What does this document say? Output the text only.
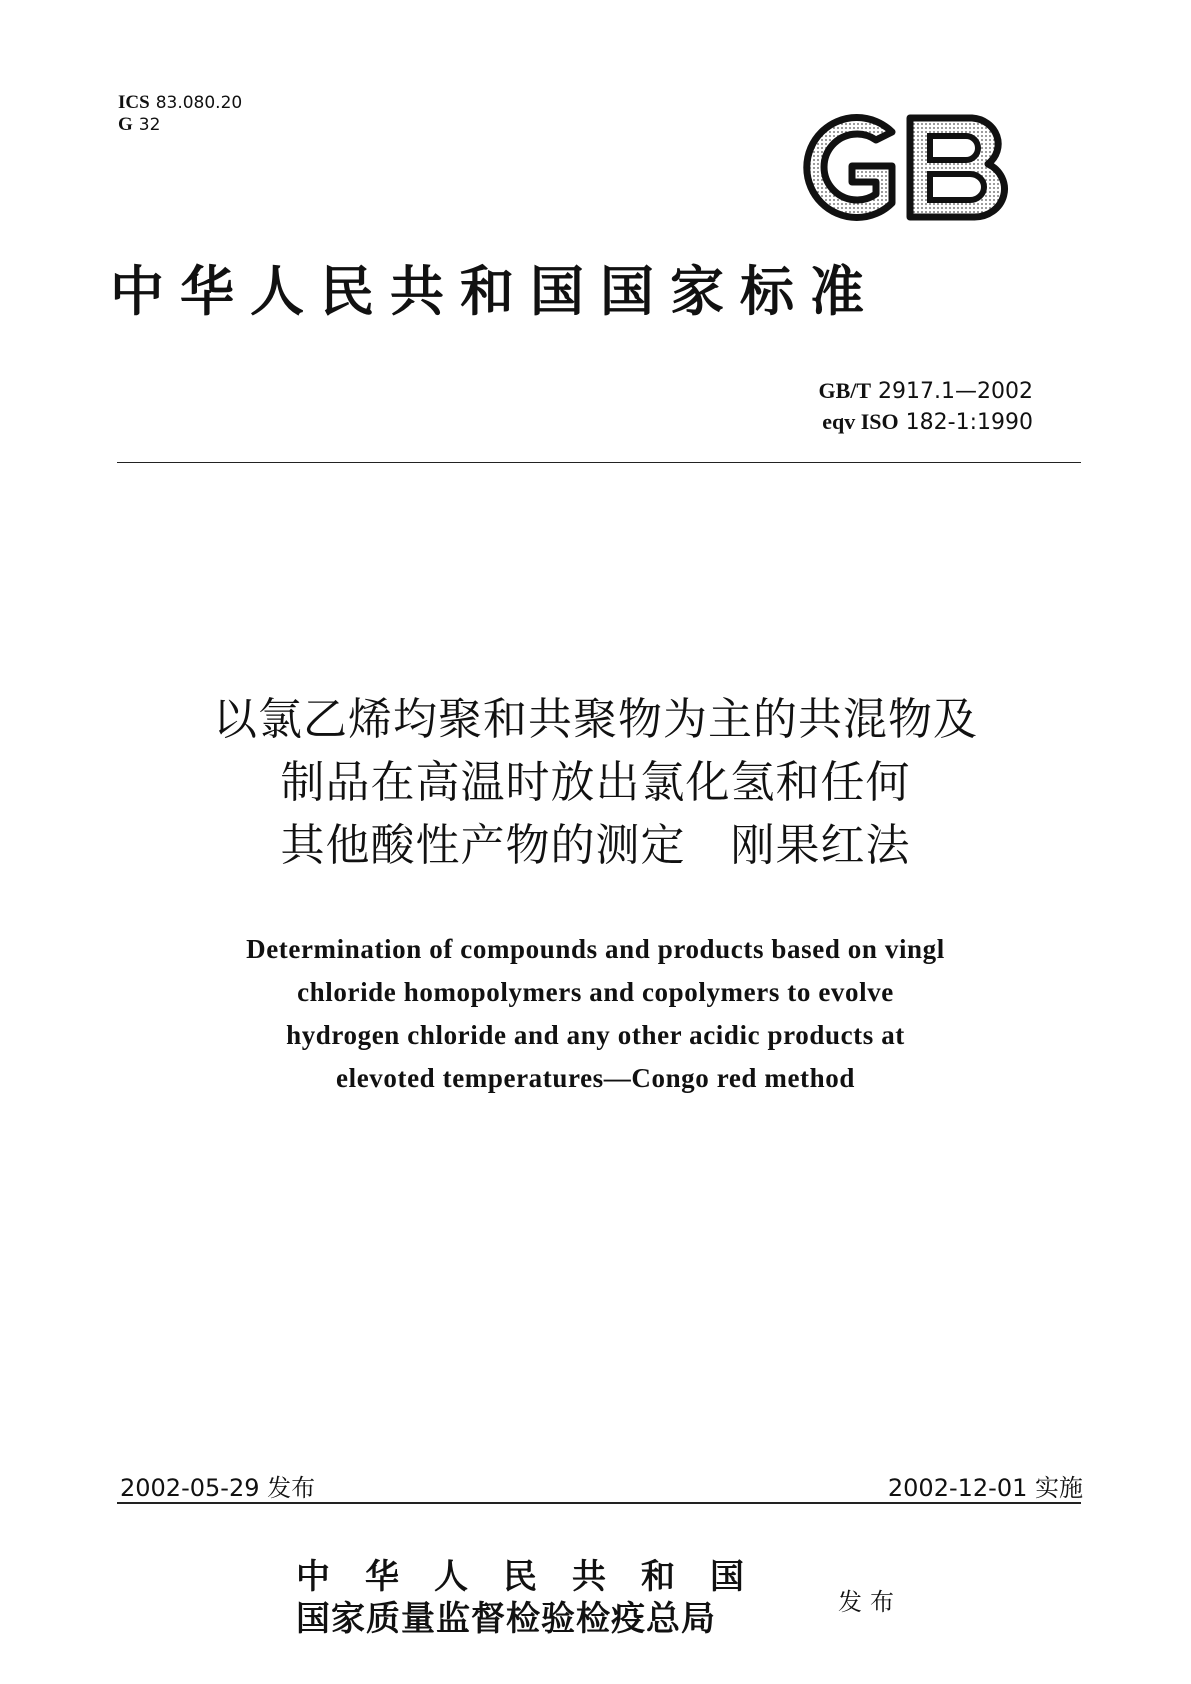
ICS 83.080.20
G 32
中华人民共和国国家标准
GB/T 2917.1—2002
eqv ISO 182-1:1990
以氯乙烯均聚和共聚物为主的共混物及
制品在高温时放出氯化氢和任何
其他酸性产物的测定　刚果红法
Determination of compounds and products based on vingl
chloride homopolymers and copolymers to evolve
hydrogen chloride and any other acidic products at
elevoted temperatures—Congo red method
2002-05-29 发布	2002-12-01 实施
中华人民共和国
国家质量监督检验检疫总局	发布
